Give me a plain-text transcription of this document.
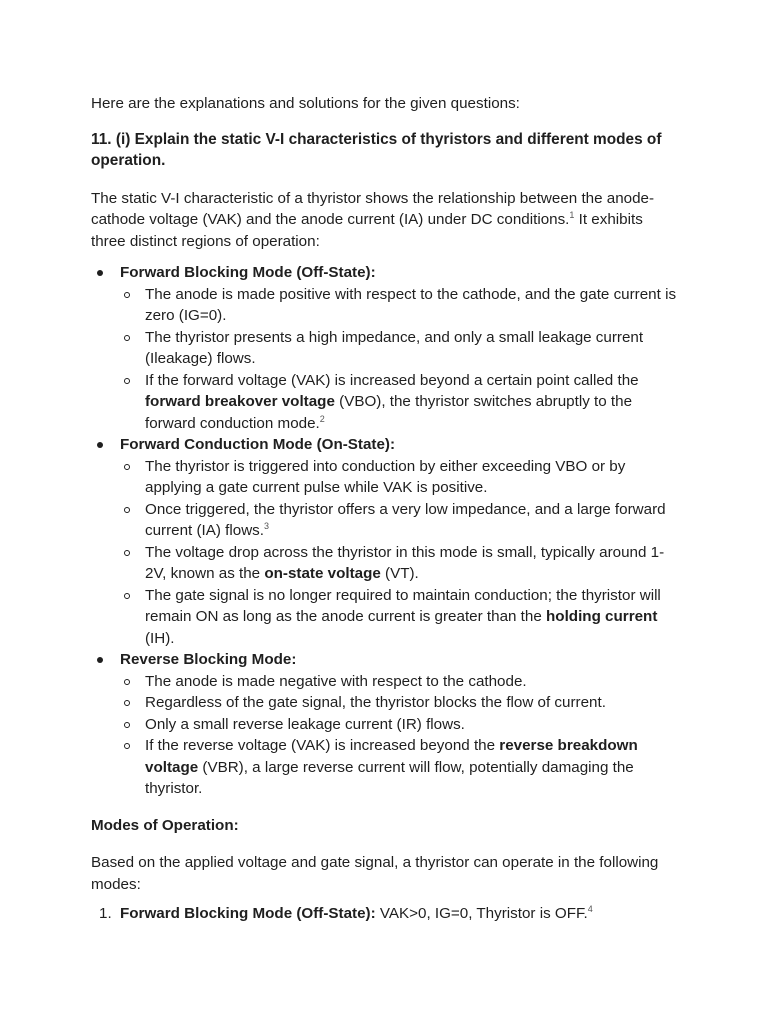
Here are the explanations and solutions for the given questions:

11. (i) Explain the static V-I characteristics of thyristors and different modes of operation.

The static V-I characteristic of a thyristor shows the relationship between the anode-cathode voltage (VAK) and the anode current (IA) under DC conditions.$^1$ It exhibits three distinct regions of operation:

Forward Blocking Mode (Off-State):
The anode is made positive with respect to the cathode, and the gate current is zero (IG=0).
The thyristor presents a high impedance, and only a small leakage current (Ileakage) flows.
If the forward voltage (VAK) is increased beyond a certain point called the forward breakover voltage (VBO), the thyristor switches abruptly to the forward conduction mode.$^2$
Forward Conduction Mode (On-State):
The thyristor is triggered into conduction by either exceeding VBO or by applying a gate current pulse while VAK is positive.
Once triggered, the thyristor offers a very low impedance, and a large forward current (IA) flows.$^3$
The voltage drop across the thyristor in this mode is small, typically around 1-2V, known as the on-state voltage (VT).
The gate signal is no longer required to maintain conduction; the thyristor will remain ON as long as the anode current is greater than the holding current (IH).
Reverse Blocking Mode:
The anode is made negative with respect to the cathode.
Regardless of the gate signal, the thyristor blocks the flow of current.
Only a small reverse leakage current (IR) flows.
If the reverse voltage (VAK) is increased beyond the reverse breakdown voltage (VBR), a large reverse current will flow, potentially damaging the thyristor.

Modes of Operation:

Based on the applied voltage and gate signal, a thyristor can operate in the following modes:

1. Forward Blocking Mode (Off-State): VAK>0, IG=0, Thyristor is OFF.$^4$
